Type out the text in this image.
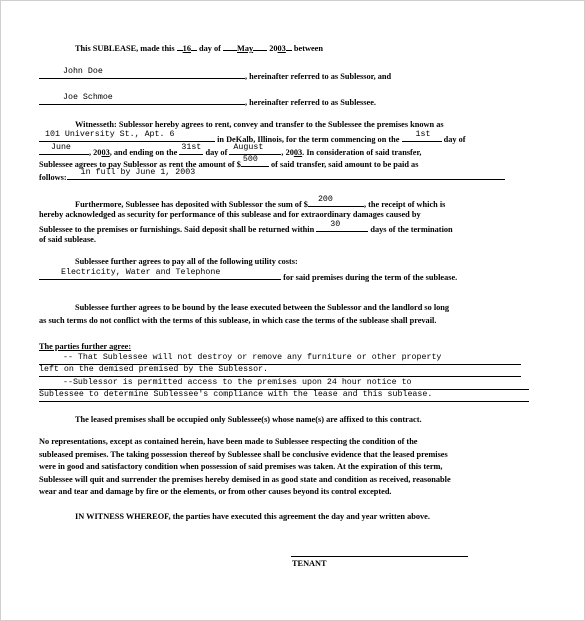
This SUBLEASE, made this 16 day of May 2003 between
John Doe
, hereinafter referred to as Sublessor, and
Joe Schmoe
, hereinafter referred to as Sublessee.
Witnesseth: Sublessor hereby agrees to rent, convey and transfer to the Sublessee the premises known as
101 University St., Apt. 6
in DeKalb, Illinois, for the term commencing on the
1st
day of
June
, 2003, and ending on the
31st
day of
August
, 2003. In consideration of said transfer,
Sublessee agrees to pay Sublessor as rent the amount of $
500
of said transfer, said amount to be paid as
follows:
in full by June 1, 2003
Furthermore, Sublessee has deposited with Sublessor the sum of $
200
, the receipt of which is
hereby acknowledged as security for performance of this sublease and for extraordinary damages caused by
Sublessee to the premises or furnishings. Said deposit shall be returned within
30
days of the termination
of said sublease.
Sublessee further agrees to pay all of the following utility costs:
Electricity, Water and Telephone
for said premises during the term of the sublease.
Sublessee further agrees to be bound by the lease executed between the Sublessor and the landlord so long
as such terms do not conflict with the terms of this sublease, in which case the terms of the sublease shall prevail.
The parties further agree:
-- That Sublessee will not destroy or remove any furniture or other property
left on the demised premised by the Sublessor.
--Sublessor is permitted access to the premises upon 24 hour notice to
Sublessee to determine Sublessee's compliance with the lease and this sublease.
The leased premises shall be occupied only Sublessee(s) whose name(s) are affixed to this contract.
No representations, except as contained herein, have been made to Sublessee respecting the condition of the
subleased premises. The taking possession thereof by Sublessee shall be conclusive evidence that the leased premises
were in good and satisfactory condition when possession of said premises was taken. At the expiration of this term,
Sublessee will quit and surrender the premises hereby demised in as good state and condition as received, reasonable
wear and tear and damage by fire or the elements, or from other causes beyond its control excepted.
IN WITNESS WHEREOF, the parties have executed this agreement the day and year written above.
TENANT
